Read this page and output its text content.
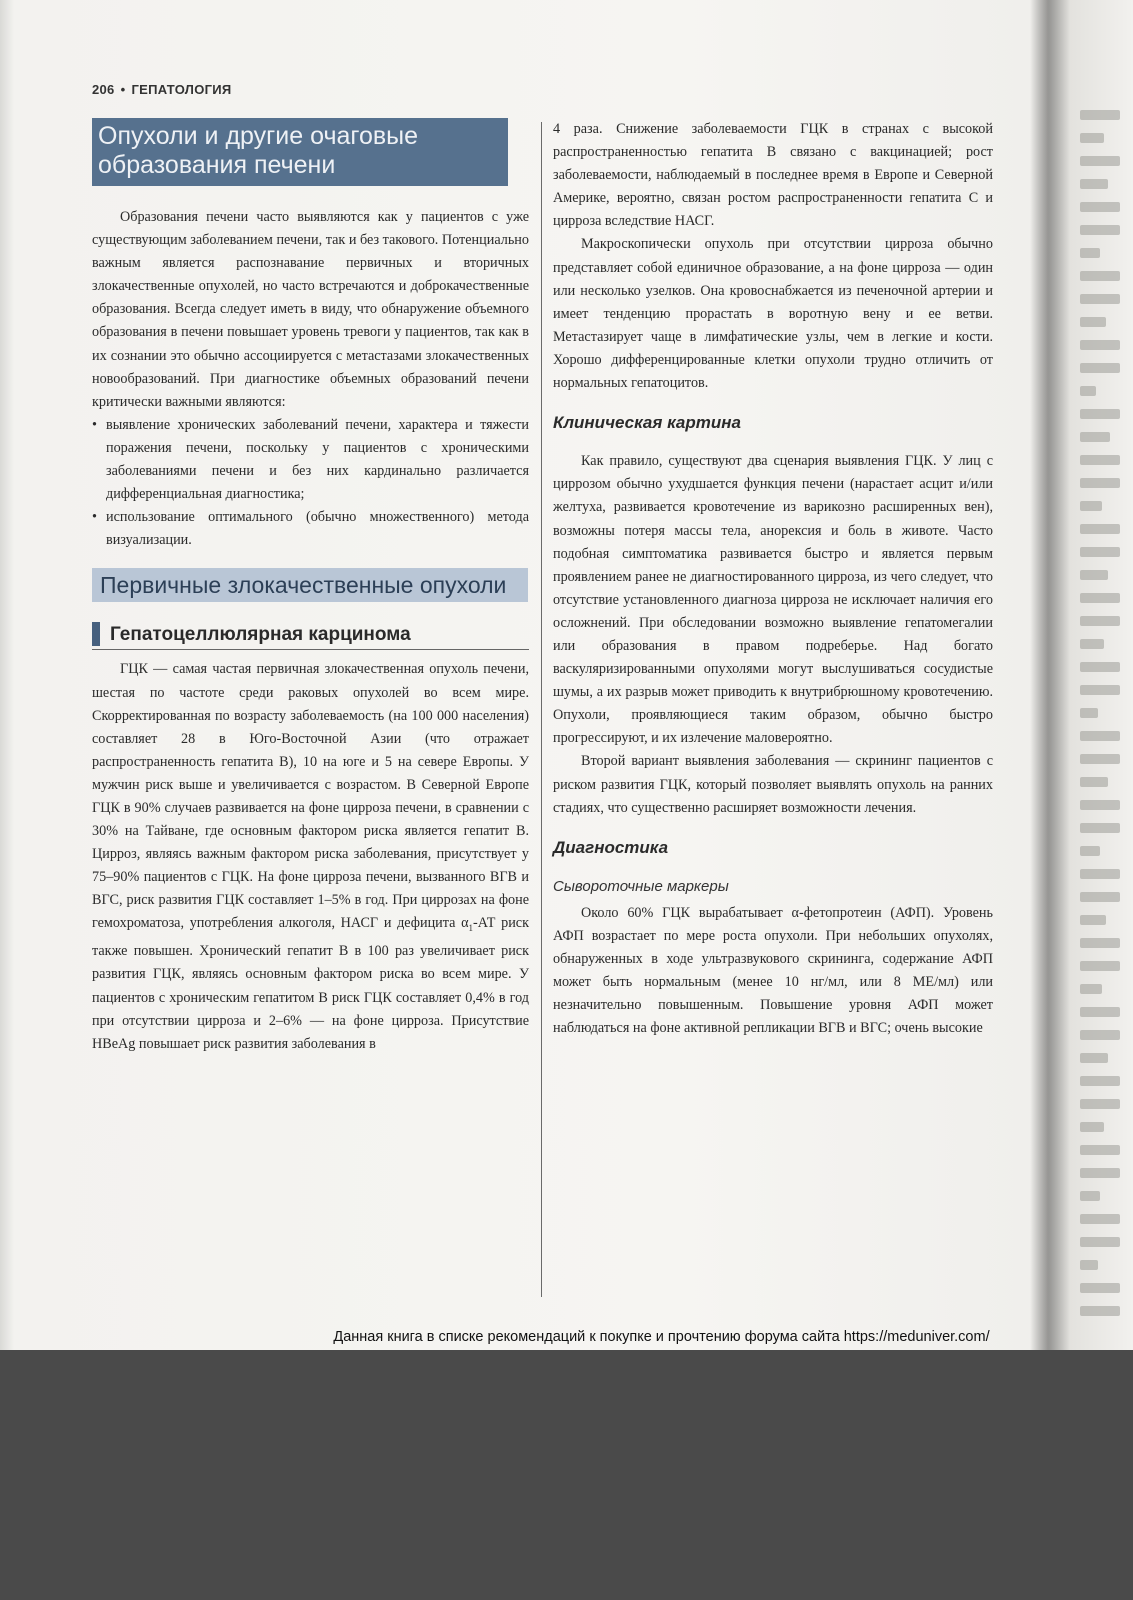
206 • ГЕПАТОЛОГИЯ
Опухоли и другие очаговые образования печени

Образования печени часто выявляются как у пациентов с уже существующим заболеванием печени, так и без такового. Потенциально важным является распознавание первичных и вторичных злокачественные опухолей, но часто встречаются и доброкачественные образования. Всегда следует иметь в виду, что обнаружение объемного образования в печени повышает уровень тревоги у пациентов, так как в их сознании это обычно ассоциируется с метастазами злокачественных новообразований. При диагностике объемных образований печени критически важными являются:

• выявление хронических заболеваний печени, характера и тяжести поражения печени, поскольку у пациентов с хроническими заболеваниями печени и без них кардинально различается дифференциальная диагностика;
• использование оптимального (обычно множественного) метода визуализации.
Первичные злокачественные опухоли
Гепатоцеллюлярная карцинома

ГЦК — самая частая первичная злокачественная опухоль печени, шестая по частоте среди раковых опухолей во всем мире. Скорректированная по возрасту заболеваемость (на 100 000 населения) составляет 28 в Юго-Восточной Азии (что отражает распространенность гепатита В), 10 на юге и 5 на севере Европы. У мужчин риск выше и увеличивается с возрастом. В Северной Европе ГЦК в 90% случаев развивается на фоне цирроза печени, в сравнении с 30% на Тайване, где основным фактором риска является гепатит В. Цирроз, являясь важным фактором риска заболевания, присутствует у 75–90% пациентов с ГЦК. На фоне цирроза печени, вызванного ВГВ и ВГС, риск развития ГЦК составляет 1–5% в год. При циррозах на фоне гемохроматоза, употребления алкоголя, НАСГ и дефицита $\alpha_1-АТ$ риск также повышен. Хронический гепатит В в 100 раз увеличивает риск развития ГЦК, являясь основным фактором риска во всем мире. У пациентов с хроническим гепатитом В риск ГЦК составляет 0,4% в год при отсутствии цирроза и 2–6% — на фоне цирроза. Присутствие HBeAg повышает риск развития заболевания в

4 раза. Снижение заболеваемости ГЦК в странах с высокой распространенностью гепатита В связано с вакцинацией; рост заболеваемости, наблюдаемый в последнее время в Европе и Северной Америке, вероятно, связан ростом распространенности гепатита С и цирроза вследствие НАСГ.

Макроскопически опухоль при отсутствии цирроза обычно представляет собой единичное образование, а на фоне цирроза — один или несколько узелков. Она кровоснабжается из печеночной артерии и имеет тенденцию прорастать в воротную вену и ее ветви. Метастазирует чаще в лимфатические узлы, чем в легкие и кости. Хорошо дифференцированные клетки опухоли трудно отличить от нормальных гепатоцитов.

Клиническая картина

Как правило, существуют два сценария выявления ГЦК. У лиц с циррозом обычно ухудшается функция печени (нарастает асцит и/или желтуха, развивается кровотечение из варикозно расширенных вен), возможны потеря массы тела, анорексия и боль в животе. Часто подобная симптоматика развивается быстро и является первым проявлением ранее не диагностированного цирроза, из чего следует, что отсутствие установленного диагноза цирроза не исключает наличия его осложнений. При обследовании возможно выявление гепатомегалии или образования в правом подреберье. Над богато васкуляризированными опухолями могут выслушиваться сосудистые шумы, а их разрыв может приводить к внутрибрюшному кровотечению. Опухоли, проявляющиеся таким образом, обычно быстро прогрессируют, и их излечение маловероятно.

Второй вариант выявления заболевания — скрининг пациентов с риском развития ГЦК, который позволяет выявлять опухоль на ранних стадиях, что существенно расширяет возможности лечения.

Диагностика
Сывороточные маркеры

Около 60% ГЦК вырабатывает α-фетопротеин (АФП). Уровень АФП возрастает по мере роста опухоли. При небольших опухолях, обнаруженных в ходе ультразвукового скрининга, содержание АФП может быть нормальным (менее 10 нг/мл, или 8 МЕ/мл) или незначительно повышенным. Повышение уровня АФП может наблюдаться на фоне активной репликации ВГВ и ВГС; очень высокие

Данная книга в списке рекомендаций к покупке и прочтению форума сайта https://meduniver.com/
